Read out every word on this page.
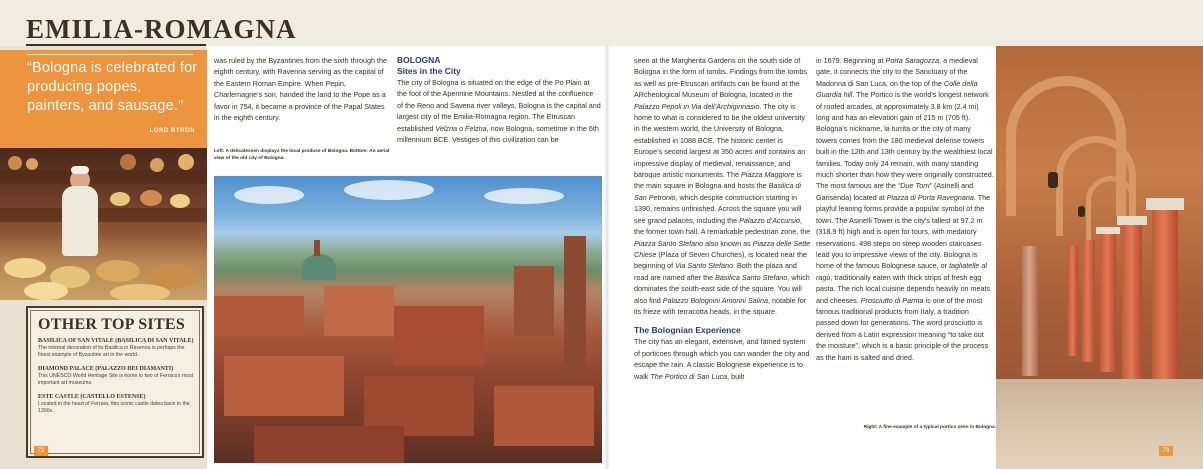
EMILIA-ROMAGNA
“Bologna is celebrated for producing popes, painters, and sausage.”
LORD BYRON
OTHER TOP SITES
BASILICA OF SAN VITALE (BASILICA DI SAN VITALE)
The internal decoration of its Basilica in Ravenna is perhaps the finest example of Byzantine art in the world.
DIAMOND PALACE (PALAZZO DEI DIAMANTI)
This UNESCO World Heritage Site is home to two of Ferrara’s most important art museums.
ESTE CASTLE (CASTELLO ESTENSE)
Located in the heart of Ferrara, this iconic castle dates back to the 1300s.
72
was ruled by the Byzantines from the sixth through the eighth century, with Ravenna serving as the capital of the Eastern Roman Empire. When Pepin, Charlemagne’s son, handed the land to the Pope as a favor in 754, it became a province of the Papal States in the eighth century.
Left: A delicatessen displays the local produce of Bologna. Bottom: An aerial view of the old city of Bologna.
BOLOGNA
Sites in the City
The city of Bologna is situated on the edge of the Po Plain at the foot of the Apennine Mountains. Nestled at the confluence of the Reno and Savena river valleys, Bologna is the capital and largest city of the Emilia-Romagna region. The Etruscan established Velzna o Felzna, now Bologna, sometime in the 6th millennium BCE. Vestiges of this civilization can be
seen at the Margherita Gardens on the south side of Bologna in the form of tombs. Findings from the tombs as well as pre-Etruscan artifacts can be found at the ARcheological Museum of Bologna, located in the Palazzo Pepoli in Via dell’Archiginnasio. The city is home to what is considered to be the oldest university in the western world, the University of Bologna, established in 1088 BCE. The historic center is Europe’s second largest at 350 acres and contains an impressive display of medieval, renaissance, and baroque artistic monuments. The Piazza Maggiore is the main square in Bologna and hosts the Basilica di San Petronio, which despite construction starting in 1390, remains unfinished. Across the square you will see grand palaces, including the Palazzo d’Accursio, the former town hall. A remarkable pedestrian zone, the Piazza Santo Stefano also known as Piazza delle Sette Chiese (Plaza of Seven Churches), is located near the beginning of Via Santo Stefano. Both the plaza and road are named after the Basilica Santo Stefano, which dominates the south-east side of the square. You will also find Palazzo Bolognini Amorini Salina, notable for its frieze with terracotta heads, in the square.
The Bolognian Experience
The city has an elegant, extensive, and famed system of porticoes through which you can wander the city and escape the rain. A classic Bolognese experience is to walk The Portico di San Luca, built
in 1679. Beginning at Porta Saragozza, a medieval gate, it connects the city to the Sanctuary of the Madonna di San Luca, on the top of the Colle della Guardia hill. The Portico is the world’s longest network of roofed arcades, at approximately 3.8 km (2.4 mi) long and has an elevation gain of 215 m (705 ft). Bologna’s nickname, la turrita or the city of many towers comes from the 180 medieval defense towers built in the 12th and 13th century by the wealthiest local families. Today only 24 remain, with many standing much shorter than how they were originally constructed. The most famous are the “Due Torri” (Asinelli and Garisenda) located at Piazza di Porta Ravegnana. The playful leaning forms provide a popular symbol of the town. The Asinelli Tower is the city’s tallest at 97.2 m (318.9 ft) high and is open for tours, with medatory reservations. 498 steps on steep wooden staircases lead you to impressive views of the city. Bologna is home of the famous Bolognese sauce, or tagliatelle al ragù, traditionally eaten with thick strips of fresh egg pasta. The rich local cuisine depends heavily on meats and cheeses. Prosciutto di Parma is one of the most famous traditional products from Italy, a tradition passed down for generations. The word prosciutto is derived from a Latin expression meaning “to take out the moisture”, which is a basic principle of the process as the ham is salted and dried.
Right: A fine example of a typical portico seen in Bologna.
73
